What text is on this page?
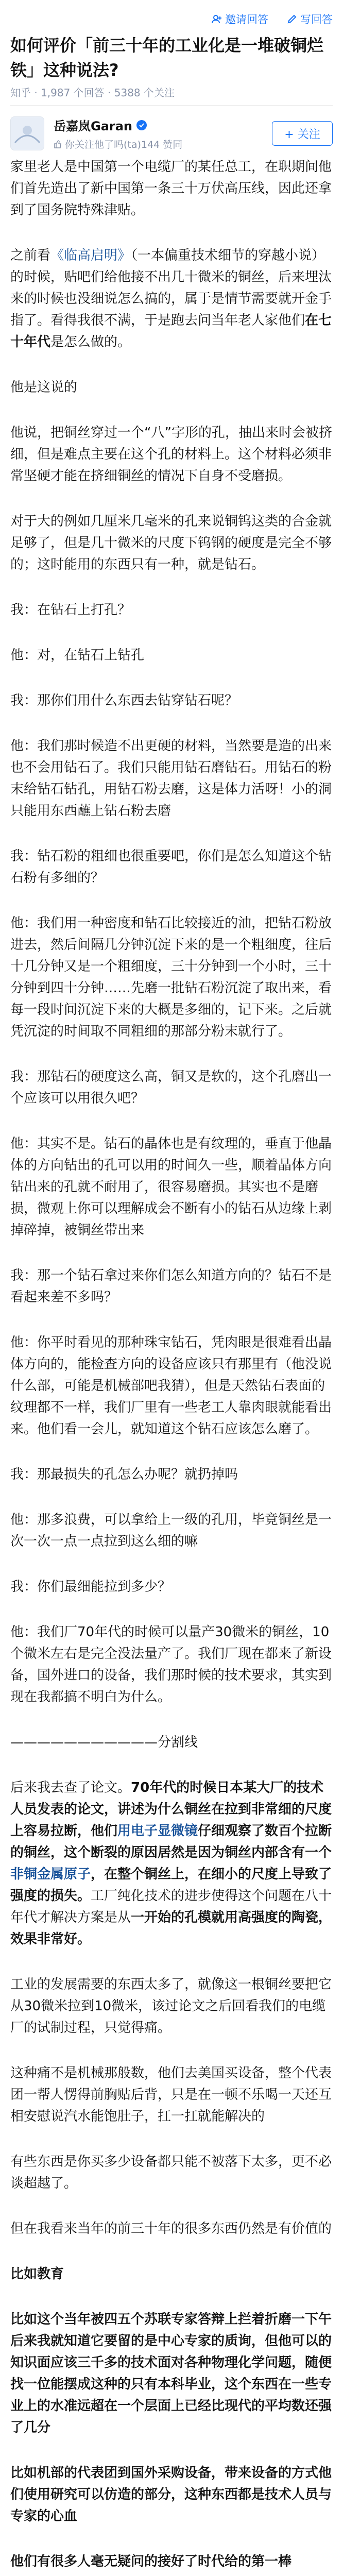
邀请回答	写回答
如何评价「前三十年的工业化是一堆破铜烂铁」这种说法?
知乎 · 1,987 个回答 · 5388 个关注
岳嘉岚Garan
你关注他了吗(ta)144 赞同
+ 关注

家里老人是中国第一个电缆厂的某任总工，在职期间他们首先造出了新中国第一条三十万伏高压线，因此还拿到了国务院特殊津贴。

之前看《临高启明》（一本偏重技术细节的穿越小说）的时候，贴吧们给他接不出几十微米的铜丝，后来埋汰来的时候也没细说怎么搞的，属于是情节需要就开金手指了。看得我很不满，于是跑去问当年老人家他们在七十年代是怎么做的。

他是这说的

他说，把铜丝穿过一个“八”字形的孔，抽出来时会被挤细，但是难点主要在这个孔的材料上。这个材料必须非常坚硬才能在挤细铜丝的情况下自身不受磨损。

对于大的例如几厘米几毫米的孔来说铜钨这类的合金就足够了，但是几十微米的尺度下钨钢的硬度是完全不够的；这时能用的东西只有一种，就是钻石。

我：在钻石上打孔？

他：对，在钻石上钻孔

我：那你们用什么东西去钻穿钻石呢？

他：我们那时候造不出更硬的材料，当然要是造的出来也不会用钻石了。我们只能用钻石磨钻石。用钻石的粉末给钻石钻孔，用钻石粉去磨，这是体力活呀！小的洞只能用东西蘸上钻石粉去磨

我：钻石粉的粗细也很重要吧，你们是怎么知道这个钻石粉有多细的？

他：我们用一种密度和钻石比较接近的油，把钻石粉放进去，然后间隔几分钟沉淀下来的是一个粗细度，往后十几分钟又是一个粗细度，三十分钟到一个小时，三十分钟到四十分钟……先磨一批钻石粉沉淀了取出来，看每一段时间沉淀下来的大概是多细的，记下来。之后就凭沉淀的时间取不同粗细的那部分粉末就行了。

我：那钻石的硬度这么高，铜又是软的，这个孔磨出一个应该可以用很久吧？

他：其实不是。钻石的晶体也是有纹理的，垂直于他晶体的方向钻出的孔可以用的时间久一些，顺着晶体方向钻出来的孔就不耐用了，很容易磨损。其实也不是磨损，微观上你可以理解成会不断有小的钻石从边缘上剥掉碎掉，被铜丝带出来

我：那一个钻石拿过来你们怎么知道方向的？钻石不是看起来差不多吗？

他：你平时看见的那种珠宝钻石，凭肉眼是很难看出晶体方向的，能检查方向的设备应该只有那里有（他没说什么部，可能是机械部吧我猜），但是天然钻石表面的纹理都不一样，我们厂里有一些老工人靠肉眼就能看出来。他们看一会儿，就知道这个钻石应该怎么磨了。

我：那最损失的孔怎么办呢？就扔掉吗

他：那多浪费，可以拿给上一级的孔用，毕竟铜丝是一次一次一点一点拉到这么细的嘛

我：你们最细能拉到多少？

他：我们厂70年代的时候可以量产30微米的铜丝，10个微米左右是完全没法量产了。我们厂现在都来了新设备，国外进口的设备，我们那时候的技术要求，其实到现在我都搞不明白为什么。

———————————分割线

后来我去查了论文。70年代的时候日本某大厂的技术人员发表的论文，讲述为什么铜丝在拉到非常细的尺度上容易拉断，他们用电子显微镜仔细观察了数百个拉断的铜丝，这个断裂的原因居然是因为铜丝内部含有一个非铜金属原子，在整个铜丝上，在细小的尺度上导致了强度的损失。工厂纯化技术的进步使得这个问题在八十年代才解决方案是从一开始的孔模就用高强度的陶瓷，效果非常好。

工业的发展需要的东西太多了，就像这一根铜丝要把它从30微米拉到10微米，该过论文之后回看我们的电缆厂的试制过程，只觉得痛。

这种痛不是机械那般数，他们去美国买设备，整个代表团一帮人愣得前胸贴后背，只是在一顿不乐喝一天还互相安慰说汽水能饱肚子，扛一扛就能解决的

有些东西是你买多少设备都只能不被落下太多，更不必谈超越了。

但在我看来当年的前三十年的很多东西仍然是有价值的

比如教育

比如这个当年被四五个苏联专家答辩上拦着折磨一下午后来我就知道它要留的是中心专家的质询，但他可以的知识面应该三千多的技术面对各种物理化学问题，随便找一位能摆成这种的只有本科毕业，这个东西在一些专业上的水准远超在一个层面上已经比现代的平均数还强了几分

比如机部的代表团到国外采购设备，带来设备的方式他们使用研究可以仿造的部分，这种东西都是技术人员与专家的心血

他们有很多人毫无疑问的接好了时代给的第一棒
